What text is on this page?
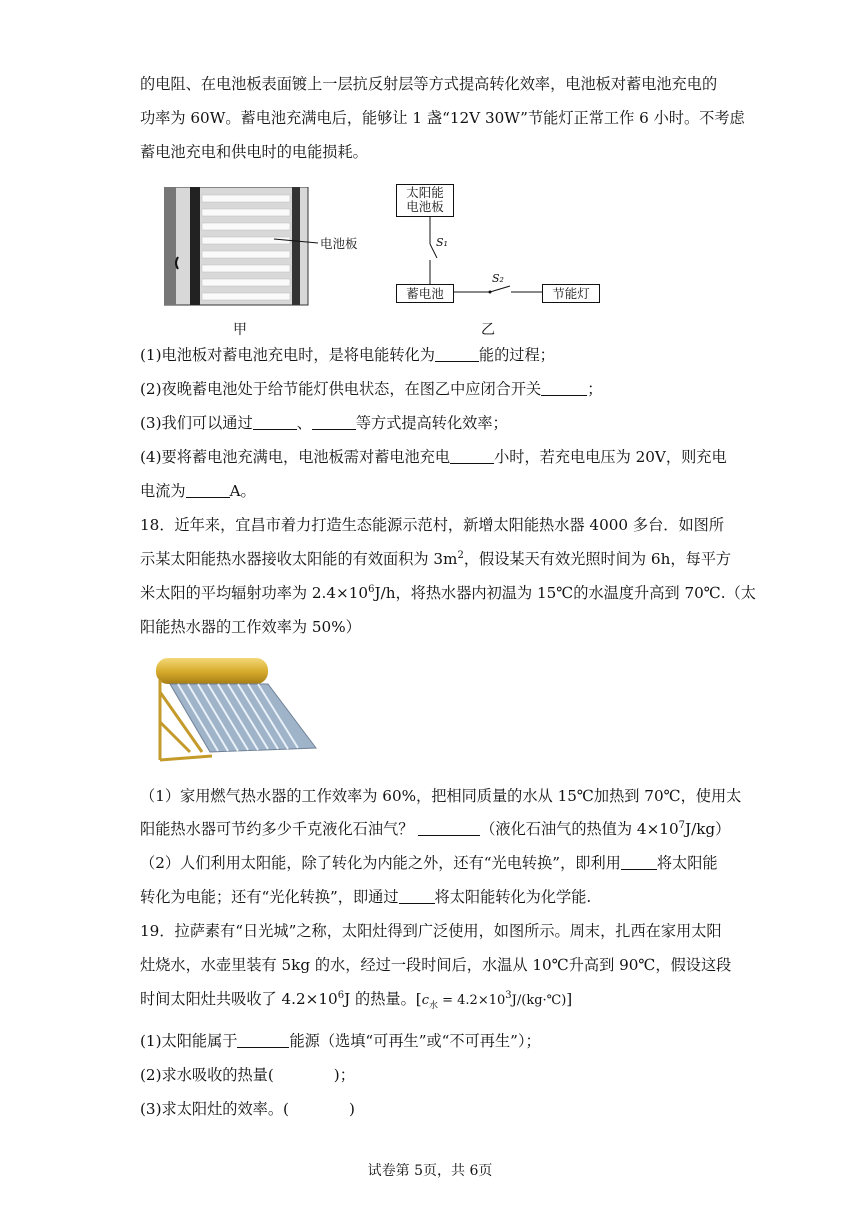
的电阻、在电池板表面镀上一层抗反射层等方式提高转化效率，电池板对蓄电池充电的
功率为 60W。蓄电池充满电后，能够让 1 盏“12V 30W”节能灯正常工作 6 小时。不考虑
蓄电池充电和供电时的电能损耗。
电池板
甲
太阳能
电池板
蓄电池	节能灯
S₁
S₂
乙
(1)电池板对蓄电池充电时，是将电能转化为	能的过程；
(2)夜晚蓄电池处于给节能灯供电状态，在图乙中应闭合开关	；
(3)我们可以通过	、	等方式提高转化效率；
(4)要将蓄电池充满电，电池板需对蓄电池充电	小时，若充电电压为 20V，则充电
电流为	A。
18．近年来，宜昌市着力打造生态能源示范村，新增太阳能热水器 4000 多台．如图所
示某太阳能热水器接收太阳能的有效面积为 $3m^2$，假设某天有效光照时间为 6h，每平方
米太阳的平均辐射功率为 $2.4\times 10^6J/h$，将热水器内初温为 15℃的水温度升高到 70℃.（太
阳能热水器的工作效率为 50%）
（1）家用燃气热水器的工作效率为 60%，把相同质量的水从 15℃加热到 70℃，使用太
阳能热水器可节约多少千克液化石油气？	（液化石油气的热值为 $4\times 10^7J/kg$）
（2）人们利用太阳能，除了转化为内能之外，还有“光电转换”，即利用 将太阳能
转化为电能；还有“光化转换”，即通过 将太阳能转化为化学能.
19．拉萨素有“日光城”之称，太阳灶得到广泛使用，如图所示。周末，扎西在家用太阳
灶烧水，水壶里装有 5kg 的水，经过一段时间后，水温从 10℃升高到 90℃，假设这段
时间太阳灶共吸收了 $4.2\times 10^6J$ 的热量。[$c_水$ = $4.2\times 10^3J/(kg\cdot℃)$]
(1)太阳能属于	能源（选填“可再生”或“不可再生”）；
(2)求水吸收的热量(	)；
(3)求太阳灶的效率。(	)
试卷第 5页，共 6页
